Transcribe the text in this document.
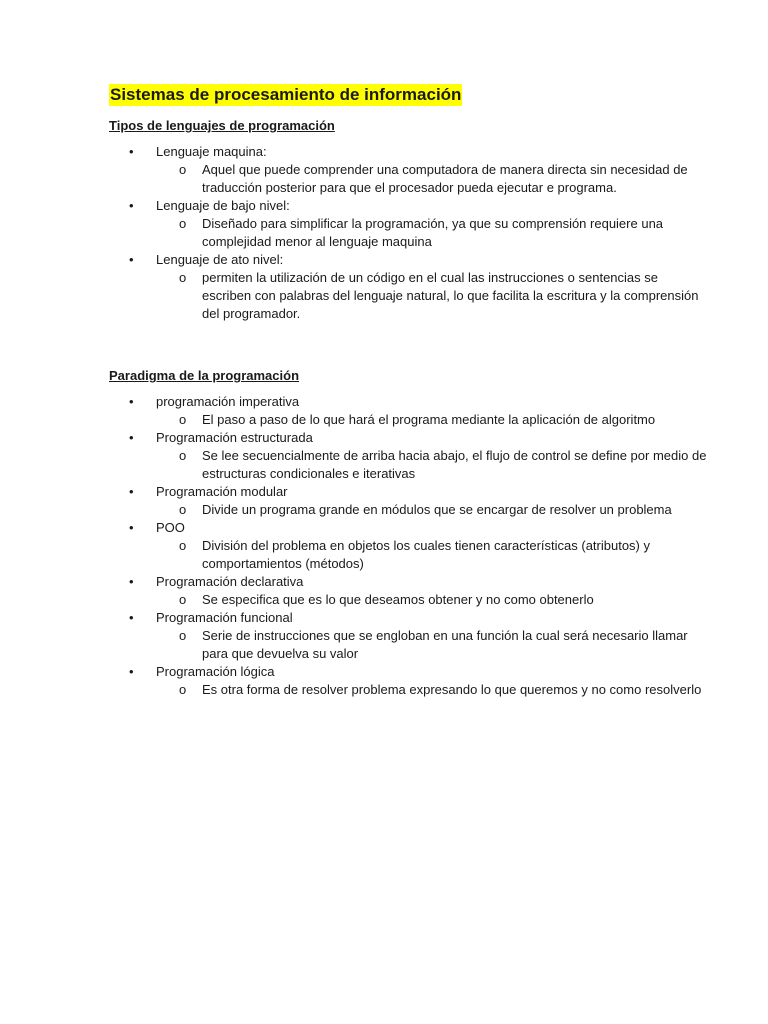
Sistemas de procesamiento de información
Tipos de lenguajes de programación
• Lenguaje maquina:
o Aquel que puede comprender una computadora de manera directa sin necesidad de traducción posterior para que el procesador pueda ejecutar e programa.
• Lenguaje de bajo nivel:
o Diseñado para simplificar la programación, ya que su comprensión requiere una complejidad menor al lenguaje maquina
• Lenguaje de ato nivel:
o permiten la utilización de un código en el cual las instrucciones o sentencias se escriben con palabras del lenguaje natural, lo que facilita la escritura y la comprensión del programador.
Paradigma de la programación
• programación imperativa
o El paso a paso de lo que hará el programa mediante la aplicación de algoritmo
• Programación estructurada
o Se lee secuencialmente de arriba hacia abajo, el flujo de control se define por medio de estructuras condicionales e iterativas
• Programación modular
o Divide un programa grande en módulos que se encargar de resolver un problema
• POO
o División del problema en objetos los cuales tienen características (atributos) y comportamientos (métodos)
• Programación declarativa
o Se especifica que es lo que deseamos obtener y no como obtenerlo
• Programación funcional
o Serie de instrucciones que se engloban en una función la cual será necesario llamar para que devuelva su valor
• Programación lógica
o Es otra forma de resolver problema expresando lo que queremos y no como resolverlo
